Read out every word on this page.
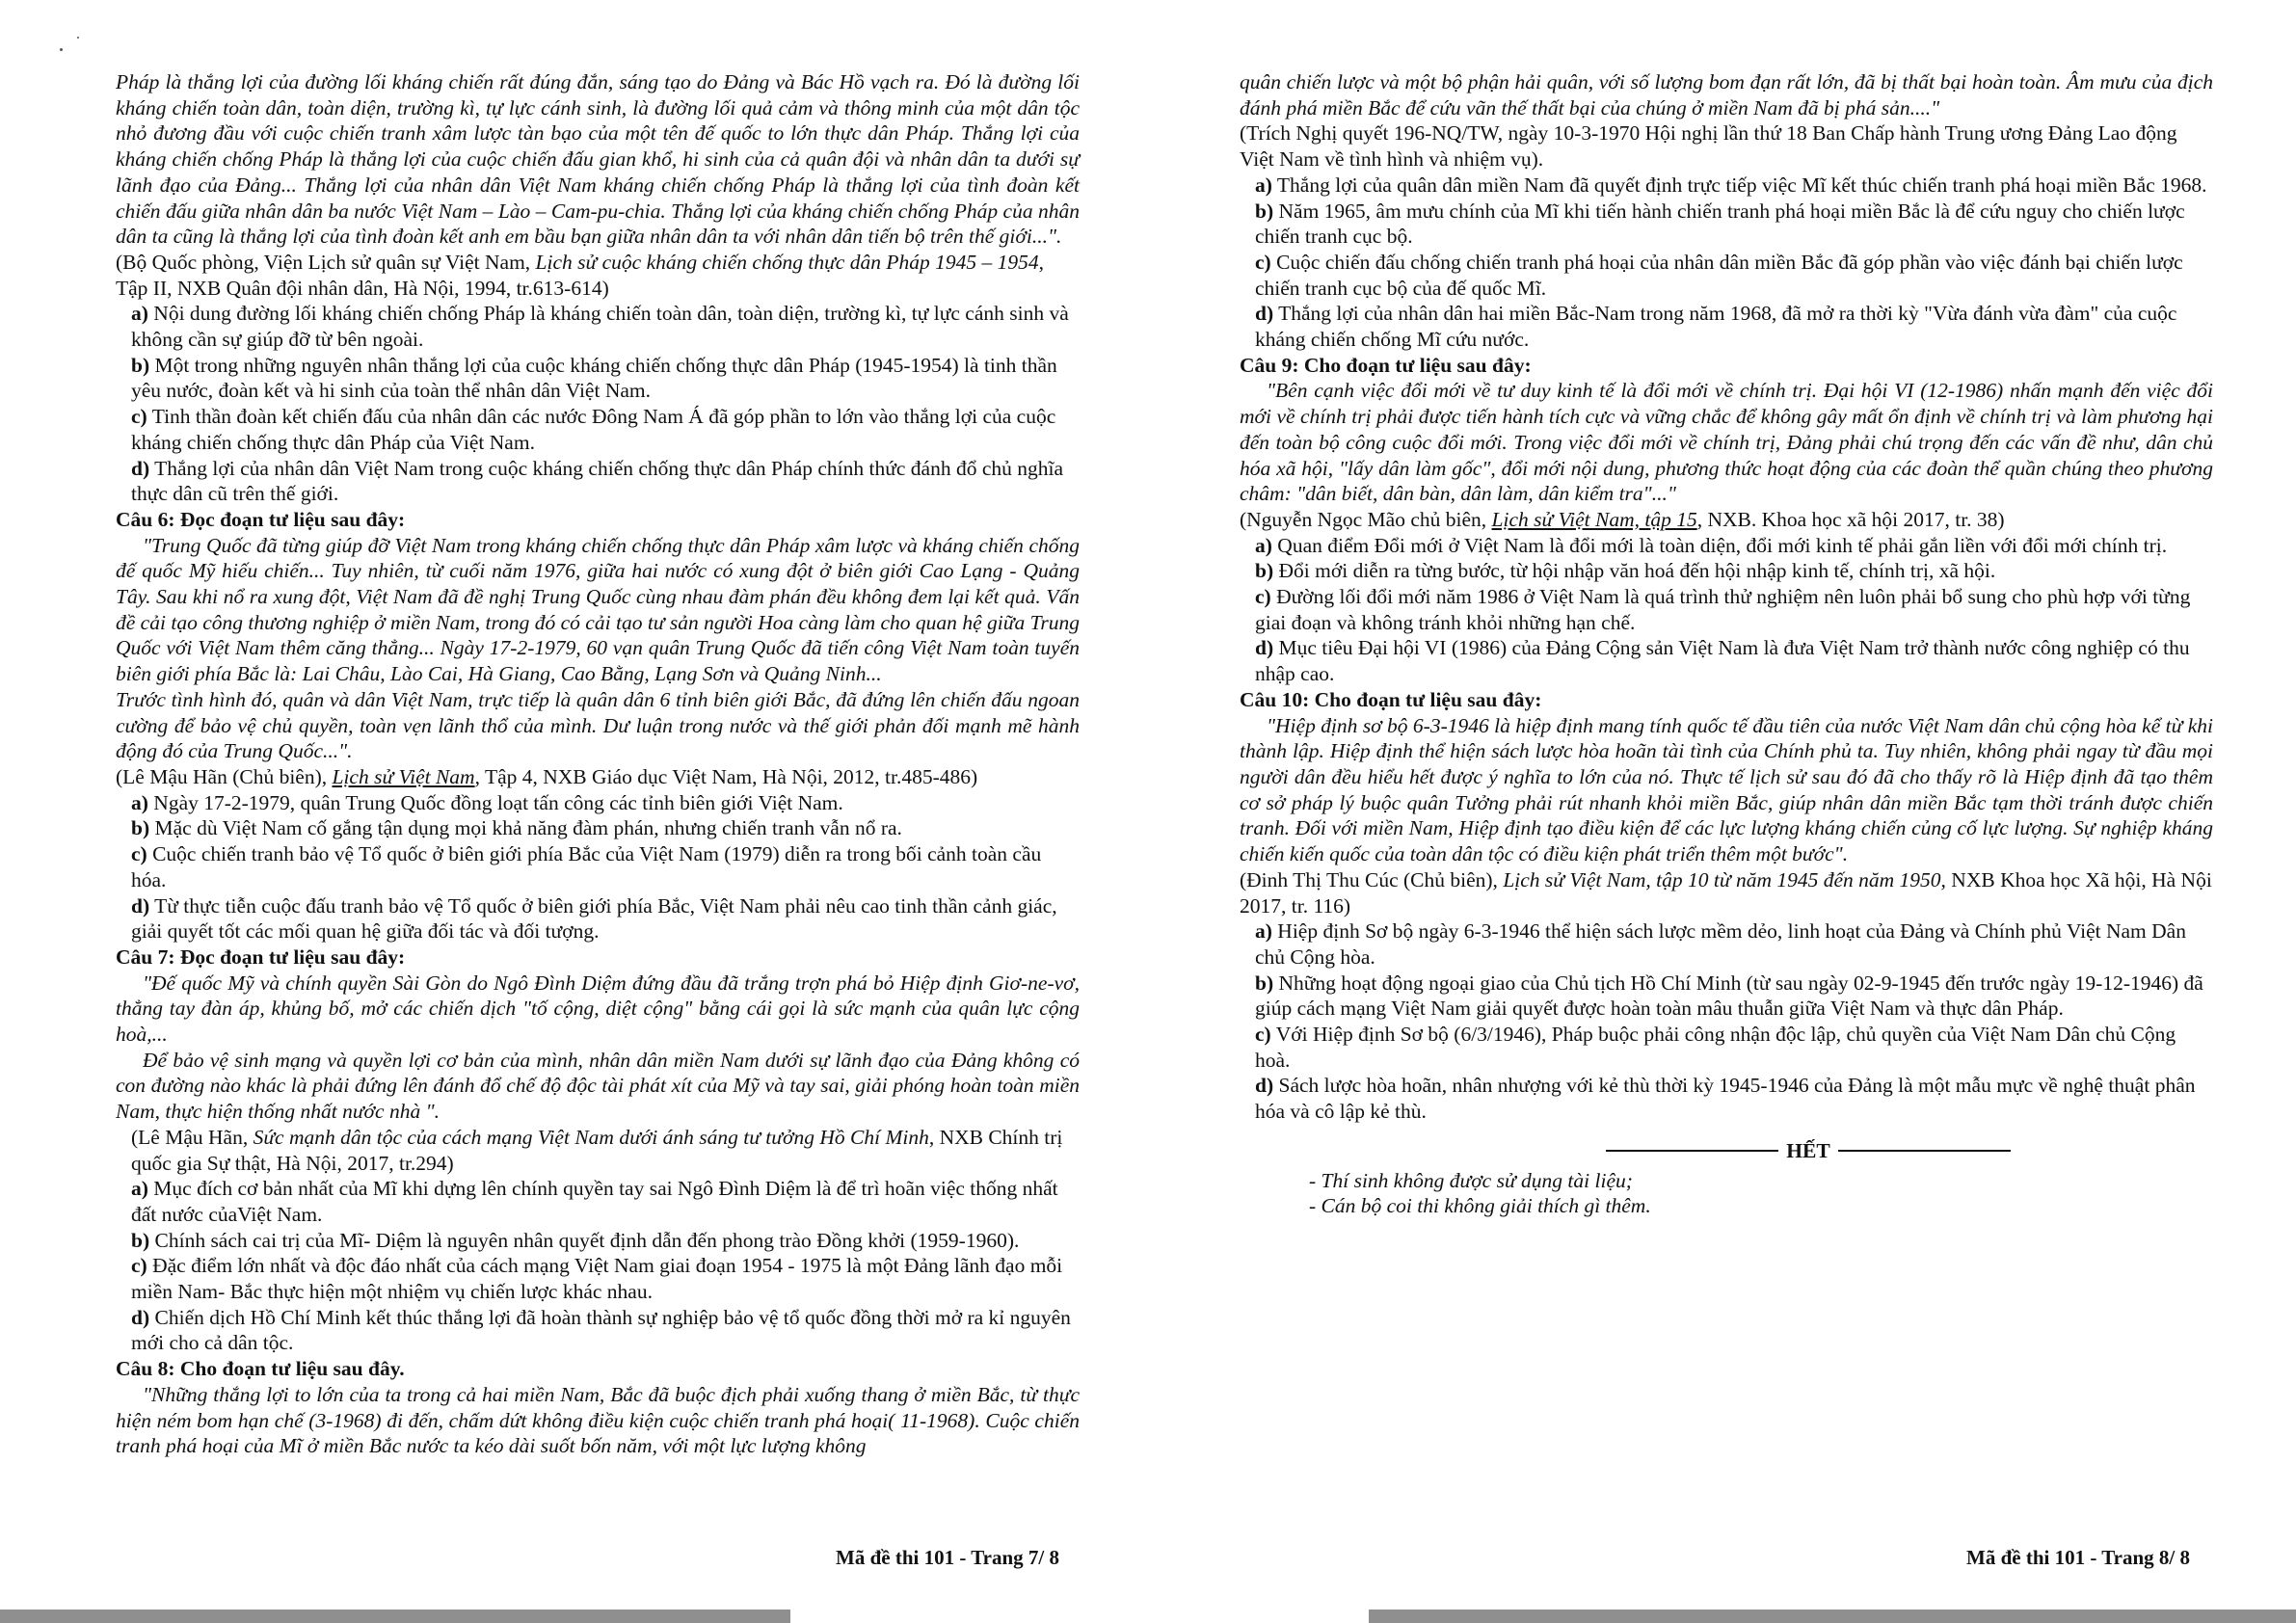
Pháp là thắng lợi của đường lối kháng chiến rất đúng đắn, sáng tạo do Đảng và Bác Hồ vạch ra. Đó là đường lối kháng chiến toàn dân, toàn diện, trường kì, tự lực cánh sinh, là đường lối quả cảm và thông minh của một dân tộc nhỏ đương đầu với cuộc chiến tranh xâm lược tàn bạo của một tên đế quốc to lớn thực dân Pháp. Thắng lợi của kháng chiến chống Pháp là thắng lợi của cuộc chiến đấu gian khổ, hi sinh của cả quân đội và nhân dân ta dưới sự lãnh đạo của Đảng... Thắng lợi của nhân dân Việt Nam kháng chiến chống Pháp là thắng lợi của tình đoàn kết chiến đấu giữa nhân dân ba nước Việt Nam – Lào – Cam-pu-chia. Thắng lợi của kháng chiến chống Pháp của nhân dân ta cũng là thắng lợi của tình đoàn kết anh em bầu bạn giữa nhân dân ta với nhân dân tiến bộ trên thế giới...".

(Bộ Quốc phòng, Viện Lịch sử quân sự Việt Nam, Lịch sử cuộc kháng chiến chống thực dân Pháp 1945 – 1954, Tập II, NXB Quân đội nhân dân, Hà Nội, 1994, tr.613-614)

a) Nội dung đường lối kháng chiến chống Pháp là kháng chiến toàn dân, toàn diện, trường kì, tự lực cánh sinh và không cần sự giúp đỡ từ bên ngoài.

b) Một trong những nguyên nhân thắng lợi của cuộc kháng chiến chống thực dân Pháp (1945-1954) là tinh thần yêu nước, đoàn kết và hi sinh của toàn thể nhân dân Việt Nam.

c) Tinh thần đoàn kết chiến đấu của nhân dân các nước Đông Nam Á đã góp phần to lớn vào thắng lợi của cuộc kháng chiến chống thực dân Pháp của Việt Nam.

d) Thắng lợi của nhân dân Việt Nam trong cuộc kháng chiến chống thực dân Pháp chính thức đánh đổ chủ nghĩa thực dân cũ trên thế giới.

Câu 6: Đọc đoạn tư liệu sau đây:

"Trung Quốc đã từng giúp đỡ Việt Nam trong kháng chiến chống thực dân Pháp xâm lược và kháng chiến chống đế quốc Mỹ hiếu chiến... Tuy nhiên, từ cuối năm 1976, giữa hai nước có xung đột ở biên giới Cao Lạng - Quảng Tây. Sau khi nổ ra xung đột, Việt Nam đã đề nghị Trung Quốc cùng nhau đàm phán đều không đem lại kết quả. Vấn đề cải tạo công thương nghiệp ở miền Nam, trong đó có cải tạo tư sản người Hoa càng làm cho quan hệ giữa Trung Quốc với Việt Nam thêm căng thẳng... Ngày 17-2-1979, 60 vạn quân Trung Quốc đã tiến công Việt Nam toàn tuyến biên giới phía Bắc là: Lai Châu, Lào Cai, Hà Giang, Cao Bằng, Lạng Sơn và Quảng Ninh...

Trước tình hình đó, quân và dân Việt Nam, trực tiếp là quân dân 6 tỉnh biên giới Bắc, đã đứng lên chiến đấu ngoan cường để bảo vệ chủ quyền, toàn vẹn lãnh thổ của mình. Dư luận trong nước và thế giới phản đối mạnh mẽ hành động đó của Trung Quốc...".

(Lê Mậu Hãn (Chủ biên), Lịch sử Việt Nam, Tập 4, NXB Giáo dục Việt Nam, Hà Nội, 2012, tr.485-486)

a) Ngày 17-2-1979, quân Trung Quốc đồng loạt tấn công các tỉnh biên giới Việt Nam.

b) Mặc dù Việt Nam cố gắng tận dụng mọi khả năng đàm phán, nhưng chiến tranh vẫn nổ ra.

c) Cuộc chiến tranh bảo vệ Tổ quốc ở biên giới phía Bắc của Việt Nam (1979) diễn ra trong bối cảnh toàn cầu hóa.

d) Từ thực tiễn cuộc đấu tranh bảo vệ Tổ quốc ở biên giới phía Bắc, Việt Nam phải nêu cao tinh thần cảnh giác, giải quyết tốt các mối quan hệ giữa đối tác và đối tượng.

Câu 7: Đọc đoạn tư liệu sau đây:

"Đế quốc Mỹ và chính quyền Sài Gòn do Ngô Đình Diệm đứng đầu đã trắng trợn phá bỏ Hiệp định Giơ-ne-vơ, thẳng tay đàn áp, khủng bố, mở các chiến dịch "tố cộng, diệt cộng" bằng cái gọi là sức mạnh của quân lực cộng hoà,...

Để bảo vệ sinh mạng và quyền lợi cơ bản của mình, nhân dân miền Nam dưới sự lãnh đạo của Đảng không có con đường nào khác là phải đứng lên đánh đổ chế độ độc tài phát xít của Mỹ và tay sai, giải phóng hoàn toàn miền Nam, thực hiện thống nhất nước nhà ".

(Lê Mậu Hãn, Sức mạnh dân tộc của cách mạng Việt Nam dưới ánh sáng tư tưởng Hồ Chí Minh, NXB Chính trị quốc gia Sự thật, Hà Nội, 2017, tr.294)

a) Mục đích cơ bản nhất của Mĩ khi dựng lên chính quyền tay sai Ngô Đình Diệm là để trì hoãn việc thống nhất đất nước củaViệt Nam.

b) Chính sách cai trị của Mĩ- Diệm là nguyên nhân quyết định dẫn đến phong trào Đồng khởi (1959-1960).

c) Đặc điểm lớn nhất và độc đáo nhất của cách mạng Việt Nam giai đoạn 1954 - 1975 là một Đảng lãnh đạo mỗi miền Nam- Bắc thực hiện một nhiệm vụ chiến lược khác nhau.

d) Chiến dịch Hồ Chí Minh kết thúc thắng lợi đã hoàn thành sự nghiệp bảo vệ tổ quốc đồng thời mở ra kỉ nguyên mới cho cả dân tộc.

Câu 8: Cho đoạn tư liệu sau đây.

"Những thắng lợi to lớn của ta trong cả hai miền Nam, Bắc đã buộc địch phải xuống thang ở miền Bắc, từ thực hiện ném bom hạn chế (3-1968) đi đến, chấm dứt không điều kiện cuộc chiến tranh phá hoại( 11-1968). Cuộc chiến tranh phá hoại của Mĩ ở miền Bắc nước ta kéo dài suốt bốn năm, với một lực lượng không

Mã đề thi 101 - Trang 7/ 8

quân chiến lược và một bộ phận hải quân, với số lượng bom đạn rất lớn, đã bị thất bại hoàn toàn. Âm mưu của địch đánh phá miền Bắc để cứu vãn thế thất bại của chúng ở miền Nam đã bị phá sản...."

(Trích Nghị quyết 196-NQ/TW, ngày 10-3-1970 Hội nghị lần thứ 18 Ban Chấp hành Trung ương Đảng Lao động Việt Nam về tình hình và nhiệm vụ).

a) Thắng lợi của quân dân miền Nam đã quyết định trực tiếp việc Mĩ kết thúc chiến tranh phá hoại miền Bắc 1968.

b) Năm 1965, âm mưu chính của Mĩ khi tiến hành chiến tranh phá hoại miền Bắc là để cứu nguy cho chiến lược chiến tranh cục bộ.

c) Cuộc chiến đấu chống chiến tranh phá hoại của nhân dân miền Bắc đã góp phần vào việc đánh bại chiến lược chiến tranh cục bộ của đế quốc Mĩ.

d) Thắng lợi của nhân dân hai miền Bắc-Nam trong năm 1968, đã mở ra thời kỳ "Vừa đánh vừa đàm" của cuộc kháng chiến chống Mĩ cứu nước.

Câu 9: Cho đoạn tư liệu sau đây:

"Bên cạnh việc đổi mới về tư duy kinh tế là đổi mới về chính trị. Đại hội VI (12-1986) nhấn mạnh đến việc đổi mới về chính trị phải được tiến hành tích cực và vững chắc để không gây mất ổn định về chính trị và làm phương hại đến toàn bộ công cuộc đổi mới. Trong việc đổi mới về chính trị, Đảng phải chú trọng đến các vấn đề như, dân chủ hóa xã hội, "lấy dân làm gốc", đổi mới nội dung, phương thức hoạt động của các đoàn thể quần chúng theo phương châm: "dân biết, dân bàn, dân làm, dân kiểm tra"..."

(Nguyễn Ngọc Mão chủ biên, Lịch sử Việt Nam, tập 15, NXB. Khoa học xã hội 2017, tr. 38)

a) Quan điểm Đổi mới ở Việt Nam là đổi mới là toàn diện, đổi mới kinh tế phải gắn liền với đổi mới chính trị.

b) Đổi mới diễn ra từng bước, từ hội nhập văn hoá đến hội nhập kinh tế, chính trị, xã hội.

c) Đường lối đổi mới năm 1986 ở Việt Nam là quá trình thử nghiệm nên luôn phải bổ sung cho phù hợp với từng giai đoạn và không tránh khỏi những hạn chế.

d) Mục tiêu Đại hội VI (1986) của Đảng Cộng sản Việt Nam là đưa Việt Nam trở thành nước công nghiệp có thu nhập cao.

Câu 10: Cho đoạn tư liệu sau đây:

"Hiệp định sơ bộ 6-3-1946 là hiệp định mang tính quốc tế đầu tiên của nước Việt Nam dân chủ cộng hòa kể từ khi thành lập. Hiệp định thể hiện sách lược hòa hoãn tài tình của Chính phủ ta. Tuy nhiên, không phải ngay từ đầu mọi người dân đều hiểu hết được ý nghĩa to lớn của nó. Thực tế lịch sử sau đó đã cho thấy rõ là Hiệp định đã tạo thêm cơ sở pháp lý buộc quân Tưởng phải rút nhanh khỏi miền Bắc, giúp nhân dân miền Bắc tạm thời tránh được chiến tranh. Đối với miền Nam, Hiệp định tạo điều kiện để các lực lượng kháng chiến củng cố lực lượng. Sự nghiệp kháng chiến kiến quốc của toàn dân tộc có điều kiện phát triển thêm một bước".

(Đinh Thị Thu Cúc (Chủ biên), Lịch sử Việt Nam, tập 10 từ năm 1945 đến năm 1950, NXB Khoa học Xã hội, Hà Nội 2017, tr. 116)

a) Hiệp định Sơ bộ ngày 6-3-1946 thể hiện sách lược mềm dẻo, linh hoạt của Đảng và Chính phủ Việt Nam Dân chủ Cộng hòa.

b) Những hoạt động ngoại giao của Chủ tịch Hồ Chí Minh (từ sau ngày 02-9-1945 đến trước ngày 19-12-1946) đã giúp cách mạng Việt Nam giải quyết được hoàn toàn mâu thuẫn giữa Việt Nam và thực dân Pháp.

c) Với Hiệp định Sơ bộ (6/3/1946), Pháp buộc phải công nhận độc lập, chủ quyền của Việt Nam Dân chủ Cộng hoà.

d) Sách lược hòa hoãn, nhân nhượng với kẻ thù thời kỳ 1945-1946 của Đảng là một mẫu mực về nghệ thuật phân hóa và cô lập kẻ thù.

HẾT

- Thí sinh không được sử dụng tài liệu;

- Cán bộ coi thi không giải thích gì thêm.

Mã đề thi 101 - Trang 8/ 8
